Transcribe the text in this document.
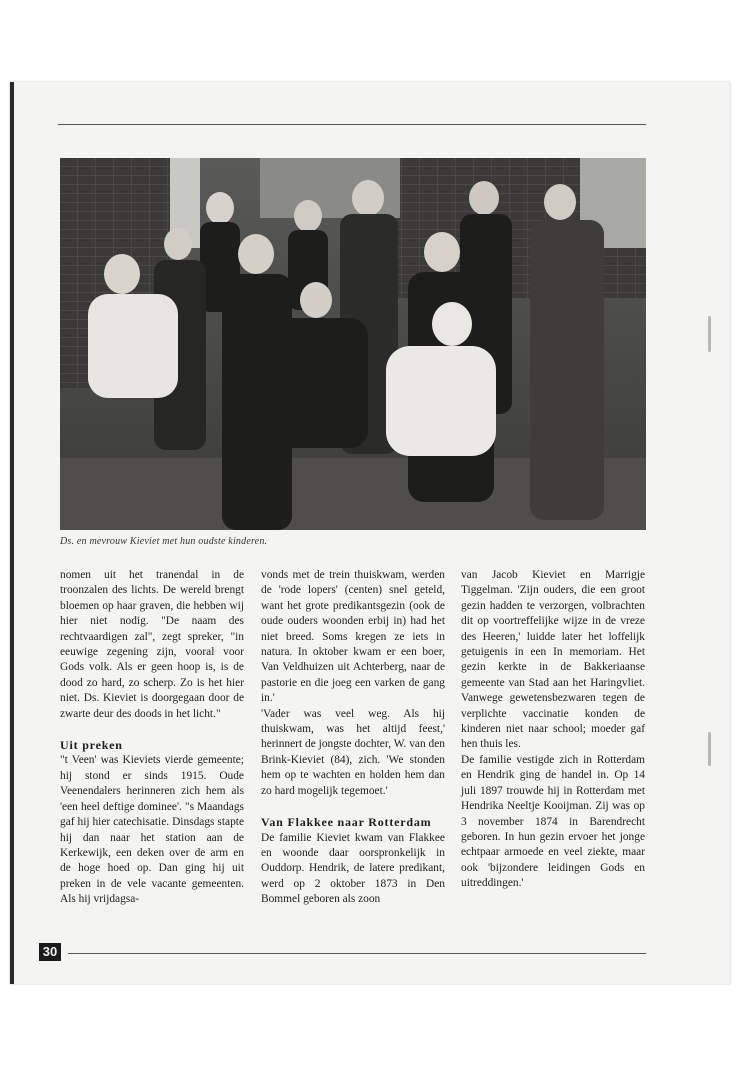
Ds. en mevrouw Kieviet met hun oudste kinderen.

nomen uit het tranendal in de troonzalen des lichts. De wereld brengt bloemen op haar graven, die hebben wij hier niet nodig. "De naam des rechtvaardigen zal", zegt spreker, "in eeuwige zegening zijn, vooral voor Gods volk. Als er geen hoop is, is de dood zo hard, zo scherp. Zo is het hier niet. Ds. Kieviet is doorgegaan door de zwarte deur des doods in het licht."

Uit preken

"t Veen' was Kieviets vierde gemeente; hij stond er sinds 1915. Oude Veenendalers herinneren zich hem als 'een heel deftige dominee'. "s Maandags gaf hij hier catechisatie. Dinsdags stapte hij dan naar het station aan de Kerkewijk, een deken over de arm en de hoge hoed op. Dan ging hij uit preken in de vele vacante gemeenten. Als hij vrijdagsa-

vonds met de trein thuiskwam, werden de 'rode lopers' (centen) snel geteld, want het grote predikantsgezin (ook de oude ouders woonden erbij in) had het niet breed. Soms kregen ze iets in natura. In oktober kwam er een boer, Van Veldhuizen uit Achterberg, naar de pastorie en die joeg een varken de gang in.'

'Vader was veel weg. Als hij thuiskwam, was het altijd feest,' herinnert de jongste dochter, W. van den Brink-Kieviet (84), zich. 'We stonden hem op te wachten en holden hem dan zo hard mogelijk tegemoet.'

Van Flakkee naar Rotterdam

De familie Kieviet kwam van Flakkee en woonde daar oorspronkelijk in Ouddorp. Hendrik, de latere predikant, werd op 2 oktober 1873 in Den Bommel geboren als zoon

van Jacob Kieviet en Marrigje Tiggelman. 'Zijn ouders, die een groot gezin hadden te verzorgen, volbrachten dit op voortreffelijke wijze in de vreze des Heeren,' luidde later het loffelijk getuigenis in een In memoriam. Het gezin kerkte in de Bakkeriaanse gemeente van Stad aan het Haringvliet. Vanwege gewetensbezwaren tegen de verplichte vaccinatie konden de kinderen niet naar school; moeder gaf hen thuis les.

De familie vestigde zich in Rotterdam en Hendrik ging de handel in. Op 14 juli 1897 trouwde hij in Rotterdam met Hendrika Neeltje Kooijman. Zij was op 3 november 1874 in Barendrecht geboren. In hun gezin ervoer het jonge echtpaar armoede en veel ziekte, maar ook 'bijzondere leidingen Gods en uitreddingen.'

30
